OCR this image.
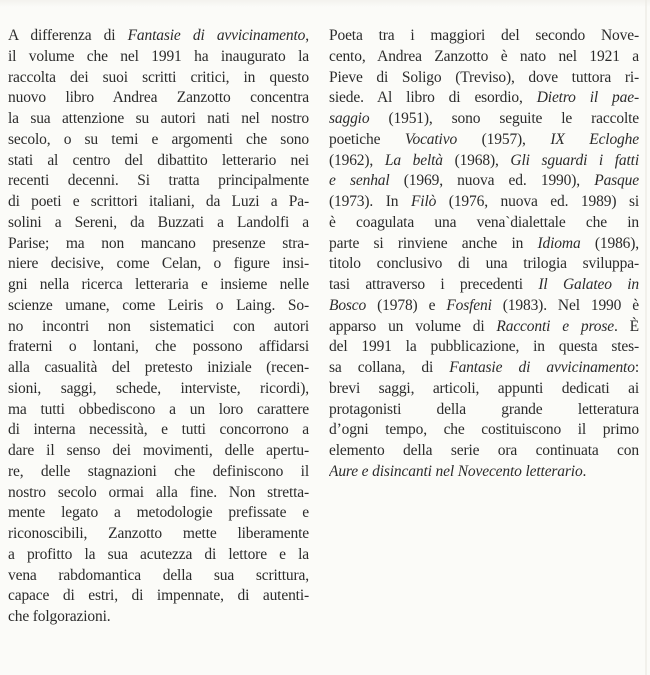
A differenza di Fantasie di avvicinamento,
il volume che nel 1991 ha inaugurato la
raccolta dei suoi scritti critici, in questo
nuovo libro Andrea Zanzotto concentra
la sua attenzione su autori nati nel nostro
secolo, o su temi e argomenti che sono
stati al centro del dibattito letterario nei
recenti decenni. Si tratta principalmente
di poeti e scrittori italiani, da Luzi a Pa-
solini a Sereni, da Buzzati a Landolfi a
Parise; ma non mancano presenze stra-
niere decisive, come Celan, o figure insi-
gni nella ricerca letteraria e insieme nelle
scienze umane, come Leiris o Laing. So-
no incontri non sistematici con autori
fraterni o lontani, che possono affidarsi
alla casualità del pretesto iniziale (recen-
sioni, saggi, schede, interviste, ricordi),
ma tutti obbediscono a un loro carattere
di interna necessità, e tutti concorrono a
dare il senso dei movimenti, delle apertu-
re, delle stagnazioni che definiscono il
nostro secolo ormai alla fine. Non stretta-
mente legato a metodologie prefissate e
riconoscibili, Zanzotto mette liberamente
a profitto la sua acutezza di lettore e la
vena rabdomantica della sua scrittura,
capace di estri, di impennate, di autenti-
che folgorazioni.
Poeta tra i maggiori del secondo Nove-
cento, Andrea Zanzotto è nato nel 1921 a
Pieve di Soligo (Treviso), dove tuttora ri-
siede. Al libro di esordio, Dietro il pae-
saggio (1951), sono seguite le raccolte
poetiche Vocativo (1957), IX Ecloghe
(1962), La beltà (1968), Gli sguardi i fatti
e senhal (1969, nuova ed. 1990), Pasque
(1973). In Filò (1976, nuova ed. 1989) si
è coagulata una vena`dialettale che in
parte si rinviene anche in Idioma (1986),
titolo conclusivo di una trilogia sviluppa-
tasi attraverso i precedenti Il Galateo in
Bosco (1978) e Fosfeni (1983). Nel 1990 è
apparso un volume di Racconti e prose. È
del 1991 la pubblicazione, in questa stes-
sa collana, di Fantasie di avvicinamento:
brevi saggi, articoli, appunti dedicati ai
protagonisti della grande letteratura
d’ogni tempo, che costituiscono il primo
elemento della serie ora continuata con
Aure e disincanti nel Novecento letterario.
